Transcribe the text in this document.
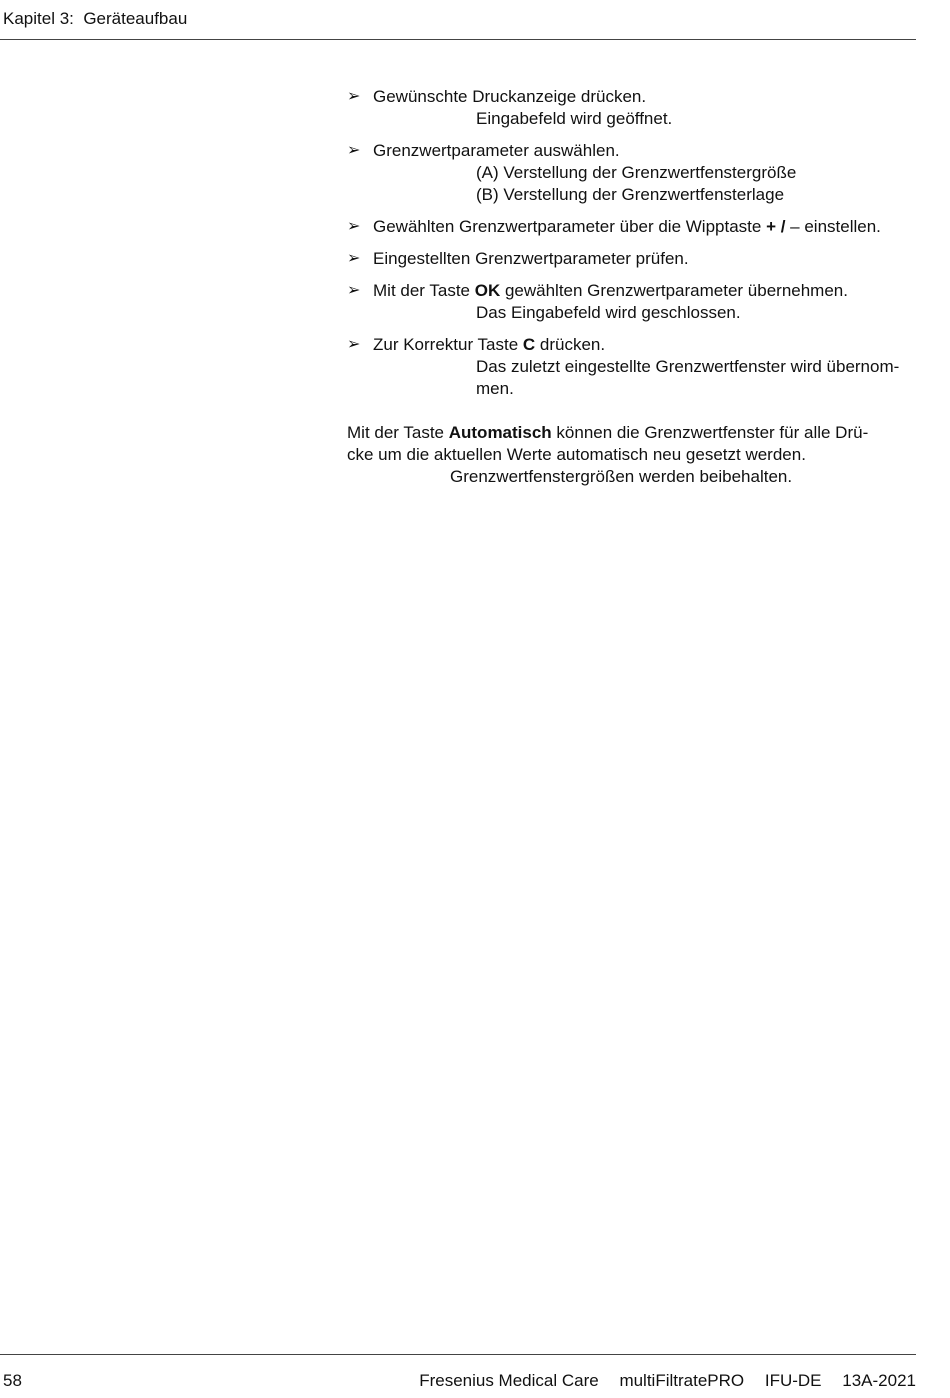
Kapitel 3:  Geräteaufbau
➢ Gewünschte Druckanzeige drücken.
Eingabefeld wird geöffnet.
➢ Grenzwertparameter auswählen.
(A) Verstellung der Grenzwertfenstergröße
(B) Verstellung der Grenzwertfensterlage
➢ Gewählten Grenzwertparameter über die Wipptaste + / – einstellen.
➢ Eingestellten Grenzwertparameter prüfen.
➢ Mit der Taste OK gewählten Grenzwertparameter übernehmen.
Das Eingabefeld wird geschlossen.
➢ Zur Korrektur Taste C drücken.
Das zuletzt eingestellte Grenzwertfenster wird übernom-
men.
Mit der Taste Automatisch können die Grenzwertfenster für alle Drü-
cke um die aktuellen Werte automatisch neu gesetzt werden.
Grenzwertfenstergrößen werden beibehalten.
58	Fresenius Medical Care multiFiltratePRO IFU-DE 13A-2021
